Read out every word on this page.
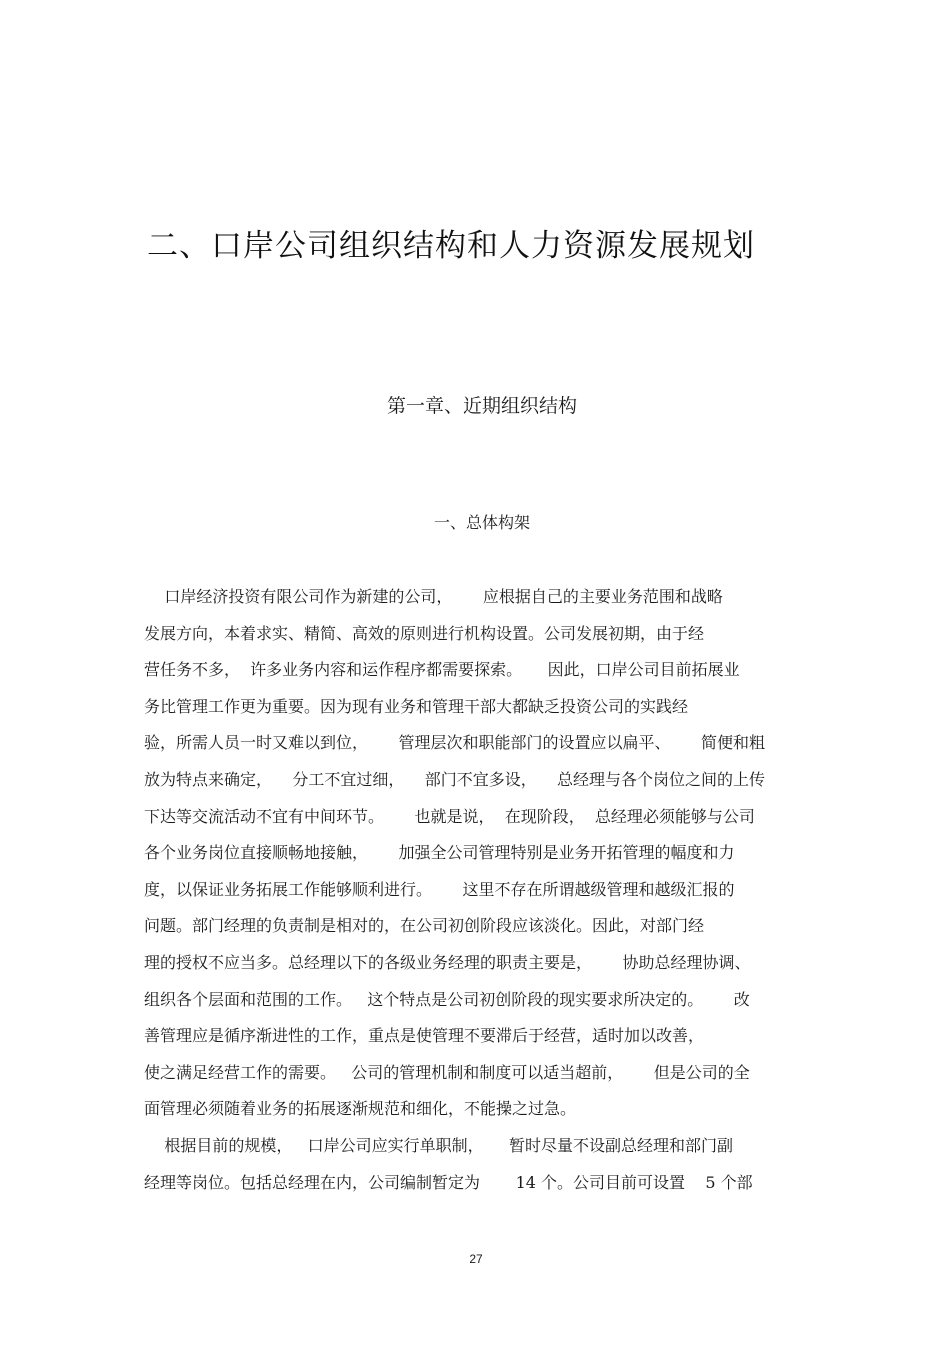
二、口岸公司组织结构和人力资源发展规划
第一章、近期组织结构
一、总体构架
口岸经济投资有限公司作为新建的公司，      应根据自己的主要业务范围和战略
发展方向，本着求实、精简、高效的原则进行机构设置。公司发展初期，由于经
营任务不多，  许多业务内容和运作程序都需要探索。     因此，口岸公司目前拓展业
务比管理工作更为重要。因为现有业务和管理干部大都缺乏投资公司的实践经
验，所需人员一时又难以到位，      管理层次和职能部门的设置应以扁平、      简便和粗
放为特点来确定，    分工不宜过细，    部门不宜多设，    总经理与各个岗位之间的上传
下达等交流活动不宜有中间环节。      也就是说，  在现阶段，  总经理必须能够与公司
各个业务岗位直接顺畅地接触，      加强全公司管理特别是业务开拓管理的幅度和力
度，以保证业务拓展工作能够顺利进行。      这里不存在所谓越级管理和越级汇报的
问题。部门经理的负责制是相对的，在公司初创阶段应该淡化。因此，对部门经
理的授权不应当多。总经理以下的各级业务经理的职责主要是，      协助总经理协调、
组织各个层面和范围的工作。   这个特点是公司初创阶段的现实要求所决定的。      改
善管理应是循序渐进性的工作，重点是使管理不要滞后于经营，适时加以改善，
使之满足经营工作的需要。   公司的管理机制和制度可以适当超前，      但是公司的全
面管理必须随着业务的拓展逐渐规范和细化，不能操之过急。
根据目前的规模，   口岸公司应实行单职制，     暂时尽量不设副总经理和部门副
经理等岗位。包括总经理在内，公司编制暂定为       14 个。公司目前可设置    5 个部
27
